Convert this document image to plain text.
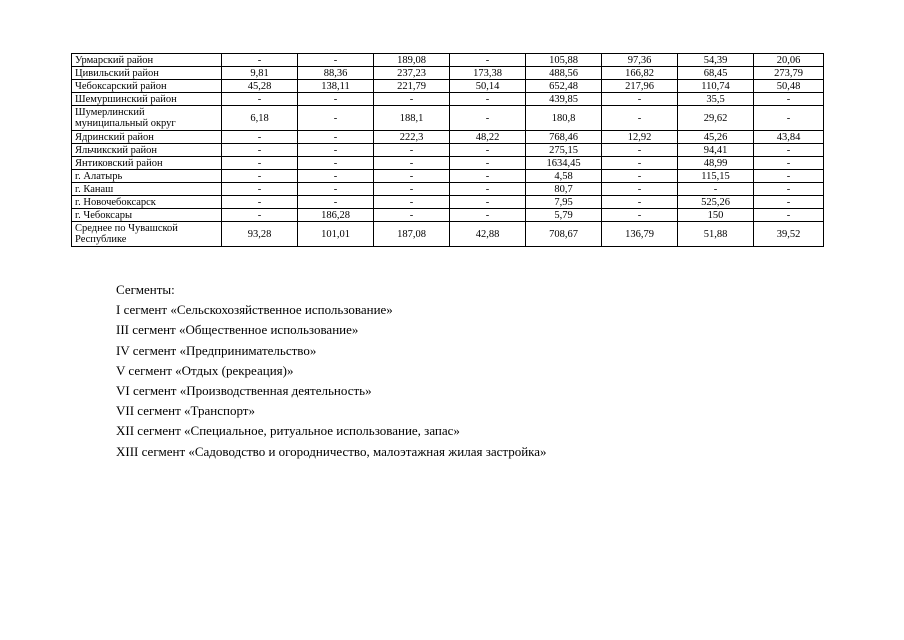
Урмарский район	-	-	189,08	-	105,88	97,36	54,39	20,06
Цивильский район	9,81	88,36	237,23	173,38	488,56	166,82	68,45	273,79
Чебоксарский район	45,28	138,11	221,79	50,14	652,48	217,96	110,74	50,48
Шемуршинский район	-	-	-	-	439,85	-	35,5	-
Шумерлинский муниципальный округ	6,18	-	188,1	-	180,8	-	29,62	-
Ядринский район	-	-	222,3	48,22	768,46	12,92	45,26	43,84
Яльчикский район	-	-	-	-	275,15	-	94,41	-
Янтиковский район	-	-	-	-	1634,45	-	48,99	-
г. Алатырь	-	-	-	-	4,58	-	115,15	-
г. Канаш	-	-	-	-	80,7	-	-	-
г. Новочебоксарск	-	-	-	-	7,95	-	525,26	-
г. Чебоксары	-	186,28	-	-	5,79	-	150	-
Среднее по Чувашской Республике	93,28	101,01	187,08	42,88	708,67	136,79	51,88	39,52
Сегменты:
I сегмент «Сельскохозяйственное использование»
III сегмент «Общественное использование»
IV сегмент «Предпринимательство»
V сегмент «Отдых (рекреация)»
VI сегмент «Производственная деятельность»
VII сегмент «Транспорт»
XII сегмент «Специальное, ритуальное использование, запас»
XIII сегмент «Садоводство и огородничество, малоэтажная жилая застройка»
